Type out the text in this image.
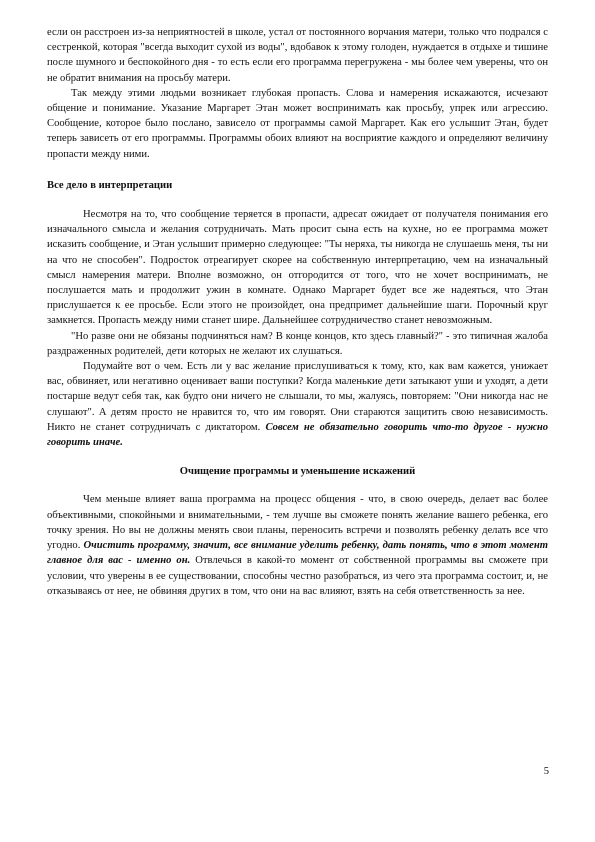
если он расстроен из-за неприятностей в школе, устал от постоянного ворчания матери, только что подрался с сестренкой, которая "всегда выходит сухой из воды", вдобавок к этому голоден, нуждается в отдыхе и тишине после шумного и беспокойного дня - то есть если его программа перегружена - мы более чем уверены, что он не обратит внимания на просьбу матери.

Так между этими людьми возникает глубокая пропасть. Слова и намерения искажаются, исчезают общение и понимание. Указание Маргарет Этан может воспринимать как просьбу, упрек или агрессию. Сообщение, которое было послано, зависело от программы самой Маргарет. Как его услышит Этан, будет теперь зависеть от его программы. Программы обоих влияют на восприятие каждого и определяют величину пропасти между ними.

Все дело в интерпретации

Несмотря на то, что сообщение теряется в пропасти, адресат ожидает от получателя понимания его изначального смысла и желания сотрудничать. Мать просит сына есть на кухне, но ее программа может исказить сообщение, и Этан услышит примерно следующее: "Ты неряха, ты никогда не слушаешь меня, ты ни на что не способен". Подросток отреагирует скорее на собственную интерпретацию, чем на изначальный смысл намерения матери. Вполне возможно, он отгородится от того, что не хочет воспринимать, не послушается мать и продолжит ужин в комнате. Однако Маргарет будет все же надеяться, что Этан прислушается к ее просьбе. Если этого не произойдет, она предпримет дальнейшие шаги. Порочный круг замкнется. Пропасть между ними станет шире. Дальнейшее сотрудничество станет невозможным.

"Но разве они не обязаны подчиняться нам? В конце концов, кто здесь главный?" - это типичная жалоба раздраженных родителей, дети которых не желают их слушаться.

Подумайте вот о чем. Есть ли у вас желание прислушиваться к тому, кто, как вам кажется, унижает вас, обвиняет, или негативно оценивает ваши поступки? Когда маленькие дети затыкают уши и уходят, а дети постарше ведут себя так, как будто они ничего не слышали, то мы, жалуясь, повторяем: "Они никогда нас не слушают". А детям просто не нравится то, что им говорят. Они стараются защитить свою независимость. Никто не станет сотрудничать с диктатором. Совсем не обязательно говорить что-то другое - нужно говорить иначе.

Очищение программы и уменьшение искажений

Чем меньше влияет ваша программа на процесс общения - что, в свою очередь, делает вас более объективными, спокойными и внимательными, - тем лучше вы сможете понять желание вашего ребенка, его точку зрения. Но вы не должны менять свои планы, переносить встречи и позволять ребенку делать все что угодно. Очистить программу, значит, все внимание уделить ребенку, дать понять, что в этот момент главное для вас - именно он. Отвлечься в какой-то момент от собственной программы вы сможете при условии, что уверены в ее существовании, способны честно разобраться, из чего эта программа состоит, и, не отказываясь от нее, не обвиняя других в том, что они на вас влияют, взять на себя ответственность за нее.

5
